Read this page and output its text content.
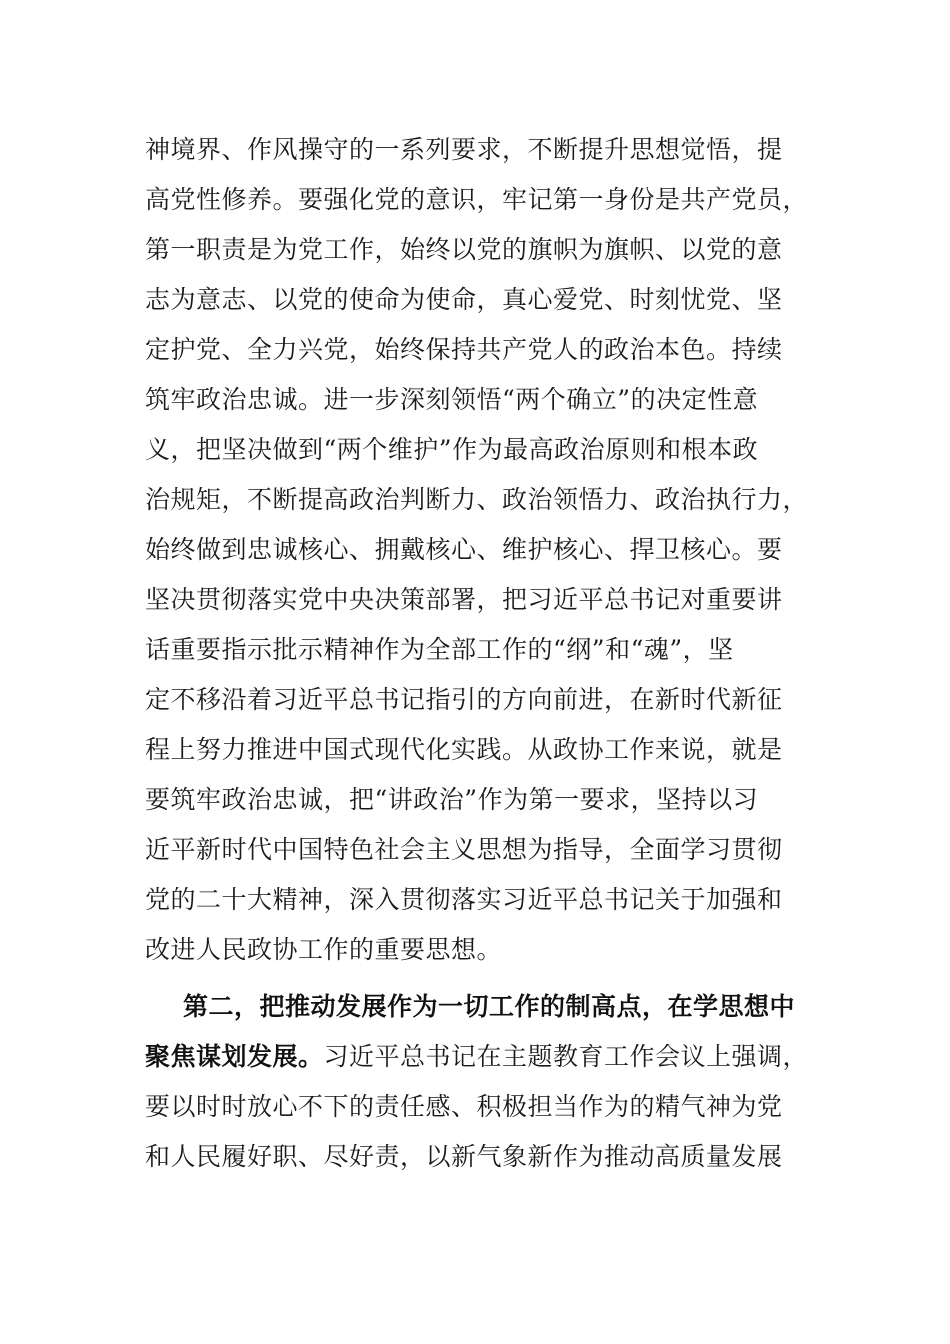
神境界、作风操守的一系列要求，不断提升思想觉悟，提
高党性修养。要强化党的意识，牢记第一身份是共产党员，
第一职责是为党工作，始终以党的旗帜为旗帜、以党的意
志为意志、以党的使命为使命，真心爱党、时刻忧党、坚
定护党、全力兴党，始终保持共产党人的政治本色。持续
筑牢政治忠诚。进一步深刻领悟“两个确立”的决定性意
义，把坚决做到“两个维护”作为最高政治原则和根本政
治规矩，不断提高政治判断力、政治领悟力、政治执行力，
始终做到忠诚核心、拥戴核心、维护核心、捍卫核心。要
坚决贯彻落实党中央决策部署，把习近平总书记对重要讲
话重要指示批示精神作为全部工作的“纲”和“魂”，坚
定不移沿着习近平总书记指引的方向前进，在新时代新征
程上努力推进中国式现代化实践。从政协工作来说，就是
要筑牢政治忠诚，把“讲政治”作为第一要求，坚持以习
近平新时代中国特色社会主义思想为指导，全面学习贯彻
党的二十大精神，深入贯彻落实习近平总书记关于加强和
改进人民政协工作的重要思想。
第二，把推动发展作为一切工作的制高点，在学思想中
聚焦谋划发展。习近平总书记在主题教育工作会议上强调，
要以时时放心不下的责任感、积极担当作为的精气神为党
和人民履好职、尽好责，以新气象新作为推动高质量发展
